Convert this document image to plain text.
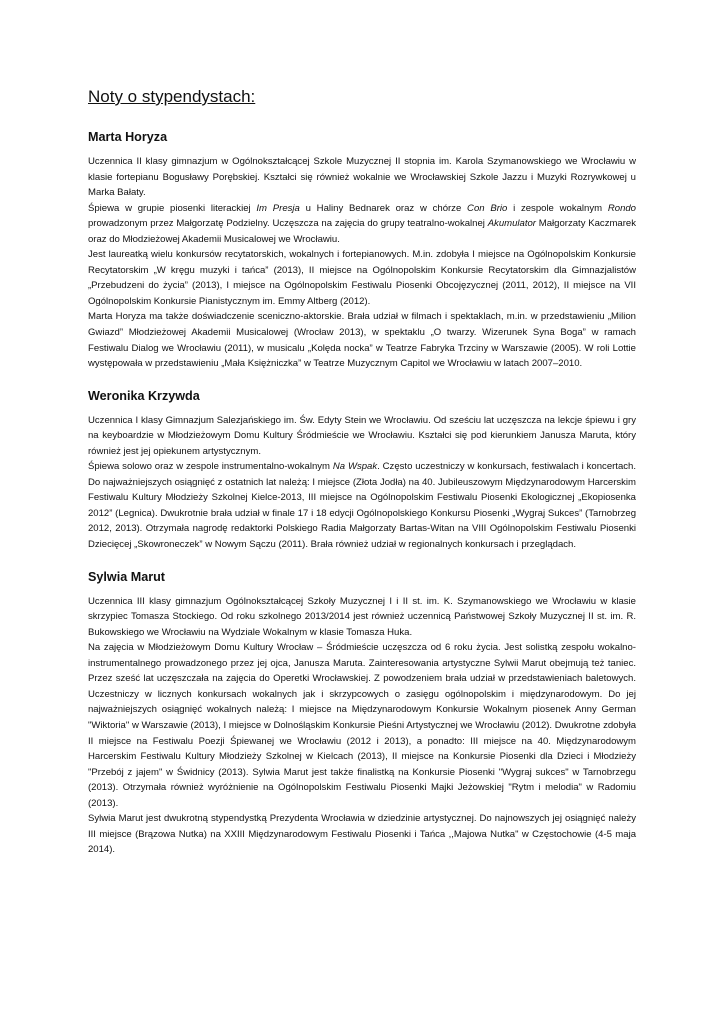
Noty o stypendystach:
Marta Horyza

Uczennica II klasy gimnazjum w Ogólnokształcącej Szkole Muzycznej II stopnia im. Karola Szymanowskiego we Wrocławiu w klasie fortepianu Bogusławy Porębskiej. Kształci się również wokalnie we Wrocławskiej Szkole Jazzu i Muzyki Rozrywkowej u Marka Bałaty.

Śpiewa w grupie piosenki literackiej Im Presja u Haliny Bednarek oraz w chórze Con Brio i zespole wokalnym Rondo prowadzonym przez Małgorzatę Podzielny. Uczęszcza na zajęcia do grupy teatralno-wokalnej Akumulator Małgorzaty Kaczmarek oraz do Młodzieżowej Akademii Musicalowej we Wrocławiu.

Jest laureatką wielu konkursów recytatorskich, wokalnych i fortepianowych. M.in. zdobyła I miejsce na Ogólnopolskim Konkursie Recytatorskim „W kręgu muzyki i tańca” (2013), II miejsce na Ogólnopolskim Konkursie Recytatorskim dla Gimnazjalistów „Przebudzeni do życia” (2013), I miejsce na Ogólnopolskim Festiwalu Piosenki Obcojęzycznej (2011, 2012), II miejsce na VII Ogólnopolskim Konkursie Pianistycznym im. Emmy Altberg (2012).

Marta Horyza ma także doświadczenie sceniczno-aktorskie. Brała udział w filmach i spektaklach, m.in. w przedstawieniu „Milion Gwiazd” Młodzieżowej Akademii Musicalowej (Wrocław 2013), w spektaklu „O twarzy. Wizerunek Syna Boga” w ramach Festiwalu Dialog we Wrocławiu (2011), w musicalu „Kolęda nocka” w Teatrze Fabryka Trzciny w Warszawie (2005). W roli Lottie występowała w przedstawieniu „Mała Księżniczka” w Teatrze Muzycznym Capitol we Wrocławiu w latach 2007–2010.

Weronika Krzywda

Uczennica I klasy Gimnazjum Salezjańskiego im. Św. Edyty Stein we Wrocławiu. Od sześciu lat uczęszcza na lekcje śpiewu i gry na keyboardzie w Młodzieżowym Domu Kultury Śródmieście we Wrocławiu. Kształci się pod kierunkiem Janusza Maruta, który również jest jej opiekunem artystycznym.

Śpiewa solowo oraz w zespole instrumentalno-wokalnym Na Wspak. Często uczestniczy w konkursach, festiwalach i koncertach. Do najważniejszych osiągnięć z ostatnich lat należą: I miejsce (Złota Jodła) na 40. Jubileuszowym Międzynarodowym Harcerskim Festiwalu Kultury Młodzieży Szkolnej Kielce-2013, III miejsce na Ogólnopolskim Festiwalu Piosenki Ekologicznej „Ekopiosenka 2012” (Legnica). Dwukrotnie brała udział w finale 17 i 18 edycji Ogólnopolskiego Konkursu Piosenki „Wygraj Sukces” (Tarnobrzeg 2012, 2013). Otrzymała nagrodę redaktorki Polskiego Radia Małgorzaty Bartas-Witan na VIII Ogólnopolskim Festiwalu Piosenki Dziecięcej „Skowroneczek” w Nowym Sączu (2011). Brała również udział w regionalnych konkursach i przeglądach.

Sylwia Marut

Uczennica III klasy gimnazjum Ogólnokształcącej Szkoły Muzycznej I i II st. im. K. Szymanowskiego we Wrocławiu w klasie skrzypiec Tomasza Stockiego. Od roku szkolnego 2013/2014 jest również uczennicą Państwowej Szkoły Muzycznej II st. im. R. Bukowskiego we Wrocławiu na Wydziale Wokalnym w klasie Tomasza Huka.

Na zajęcia w Młodzieżowym Domu Kultury Wrocław – Śródmieście uczęszcza od 6 roku życia. Jest solistką zespołu wokalno-instrumentalnego prowadzonego przez jej ojca, Janusza Maruta. Zainteresowania artystyczne Sylwii Marut obejmują też taniec. Przez sześć lat uczęszczała na zajęcia do Operetki Wrocławskiej. Z powodzeniem brała udział w przedstawieniach baletowych. Uczestniczy w licznych konkursach wokalnych jak i skrzypcowych o zasięgu ogólnopolskim i międzynarodowym. Do jej najważniejszych osiągnięć wokalnych należą: I miejsce na Międzynarodowym Konkursie Wokalnym piosenek Anny German "Wiktoria" w Warszawie (2013), I miejsce w Dolnośląskim Konkursie Pieśni Artystycznej we Wrocławiu (2012). Dwukrotne zdobyła II miejsce na Festiwalu Poezji Śpiewanej we Wrocławiu (2012 i 2013), a ponadto: III miejsce na 40. Międzynarodowym Harcerskim Festiwalu Kultury Młodzieży Szkolnej w Kielcach (2013), II miejsce na Konkursie Piosenki dla Dzieci i Młodzieży "Przebój z jajem" w Świdnicy (2013). Sylwia Marut jest także finalistką na Konkursie Piosenki "Wygraj sukces" w Tarnobrzegu (2013). Otrzymała również wyróżnienie na Ogólnopolskim Festiwalu Piosenki Majki Jeżowskiej "Rytm i melodia" w Radomiu (2013).

Sylwia Marut jest dwukrotną stypendystką Prezydenta Wrocławia w dziedzinie artystycznej. Do najnowszych jej osiągnięć należy III miejsce (Brązowa Nutka) na XXIII Międzynarodowym Festiwalu Piosenki i Tańca ,,Majowa Nutka" w Częstochowie (4-5 maja 2014).
